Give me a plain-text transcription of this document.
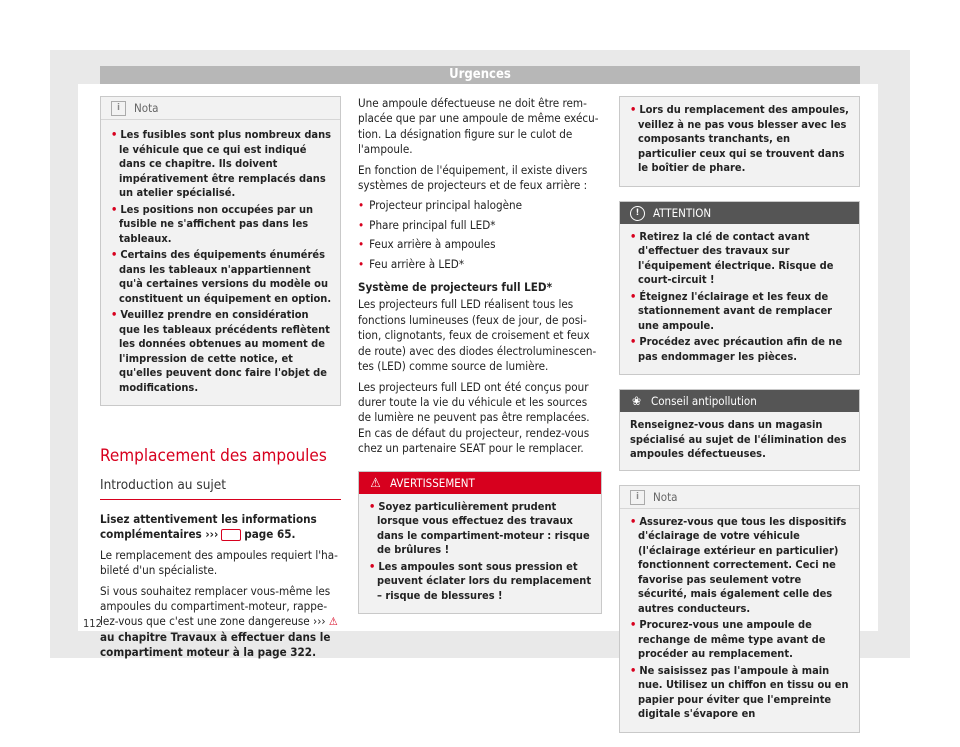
Urgences
i Nota
• Les fusibles sont plus nombreux dans le véhicule que ce qui est indiqué dans ce chapitre. Ils doivent impérativement être remplacés dans un atelier spécialisé.
• Les positions non occupées par un fusible ne s'affichent pas dans les tableaux.
• Certains des équipements énumérés dans les tableaux n'appartiennent qu'à certaines versions du modèle ou constituent un équipement en option.
• Veuillez prendre en considération que les tableaux précédents reflètent les données obtenues au moment de l'impression de cette notice, et qu'elles peuvent donc faire l'objet de modifications.
Remplacement des ampoules
Introduction au sujet

Lisez attentivement les informations complémentaires ››› page 65.

Le remplacement des ampoules requiert l'habileté d'un spécialiste.

Si vous souhaitez remplacer vous-même les ampoules du compartiment-moteur, rappelez-vous que c'est une zone dangereuse ››› ⚠ au chapitre Travaux à effectuer dans le compartiment moteur à la page 322.

Une ampoule défectueuse ne doit être remplacée que par une ampoule de même exécution. La désignation figure sur le culot de l'ampoule.

En fonction de l'équipement, il existe divers systèmes de projecteurs et de feux arrière :

• Projecteur principal halogène
• Phare principal full LED*
• Feux arrière à ampoules
• Feu arrière à LED*

Système de projecteurs full LED*

Les projecteurs full LED réalisent tous les fonctions lumineuses (feux de jour, de position, clignotants, feux de croisement et feux de route) avec des diodes électroluminescentes (LED) comme source de lumière.

Les projecteurs full LED ont été conçus pour durer toute la vie du véhicule et les sources de lumière ne peuvent pas être remplacées. En cas de défaut du projecteur, rendez-vous chez un partenaire SEAT pour le remplacer.

⚠ AVERTISSEMENT
• Soyez particulièrement prudent lorsque vous effectuez des travaux dans le compartiment-moteur : risque de brûlures !
• Les ampoules sont sous pression et peuvent éclater lors du remplacement – risque de blessures !
• Lors du remplacement des ampoules, veillez à ne pas vous blesser avec les composants tranchants, en particulier ceux qui se trouvent dans le boîtier de phare.
! ATTENTION
• Retirez la clé de contact avant d'effectuer des travaux sur l'équipement électrique. Risque de court-circuit !
• Éteignez l'éclairage et les feux de stationnement avant de remplacer une ampoule.
• Procédez avec précaution afin de ne pas endommager les pièces.
❀ Conseil antipollution
Renseignez-vous dans un magasin spécialisé au sujet de l'élimination des ampoules défectueuses.
i Nota
• Assurez-vous que tous les dispositifs d'éclairage de votre véhicule (l'éclairage extérieur en particulier) fonctionnent correctement. Ceci ne favorise pas seulement votre sécurité, mais également celle des autres conducteurs.
• Procurez-vous une ampoule de rechange de même type avant de procéder au remplacement.
• Ne saisissez pas l'ampoule à main nue. Utilisez un chiffon en tissu ou en papier pour éviter que l'empreinte digitale s'évapore en
112
